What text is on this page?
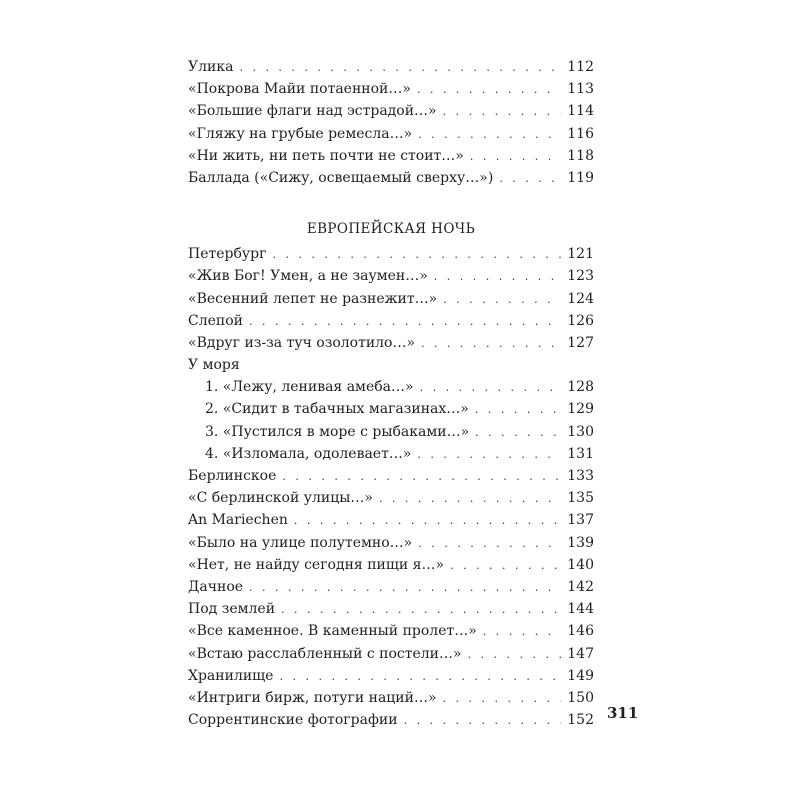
Улика . . .	112
«Покрова Майи потаенной…» . . .	113
«Большие флаги над эстрадой…» . . .	114
«Гляжу на грубые ремесла…» . . .	116
«Ни жить, ни петь почти не стоит…» . . .	118
Баллада («Сижу, освещаемый сверху…») . . .	119
ЕВРОПЕЙСКАЯ НОЧЬ
Петербург . . .	121
«Жив Бог! Умен, а не заумен…» . . .	123
«Весенний лепет не разнежит…» . . .	124
Слепой . . .	126
«Вдруг из-за туч озолотило…» . . .	127
У моря
1. «Лежу, ленивая амеба…» . . .	128
2. «Сидит в табачных магазинах…» . . .	129
3. «Пустился в море с рыбаками…» . . .	130
4. «Изломала, одолевает…» . . .	131
Берлинское . . .	133
«С берлинской улицы…» . . .	135
An Mariechen . . .	137
«Было на улице полутемно…» . . .	139
«Нет, не найду сегодня пищи я…» . . .	140
Дачное . . .	142
Под землей . . .	144
«Все каменное. В каменный пролет…» . . .	146
«Встаю расслабленный с постели…» . . .	147
Хранилище . . .	149
«Интриги бирж, потуги наций…» . . .	150
Соррентинские фотографии . . .	152 311
